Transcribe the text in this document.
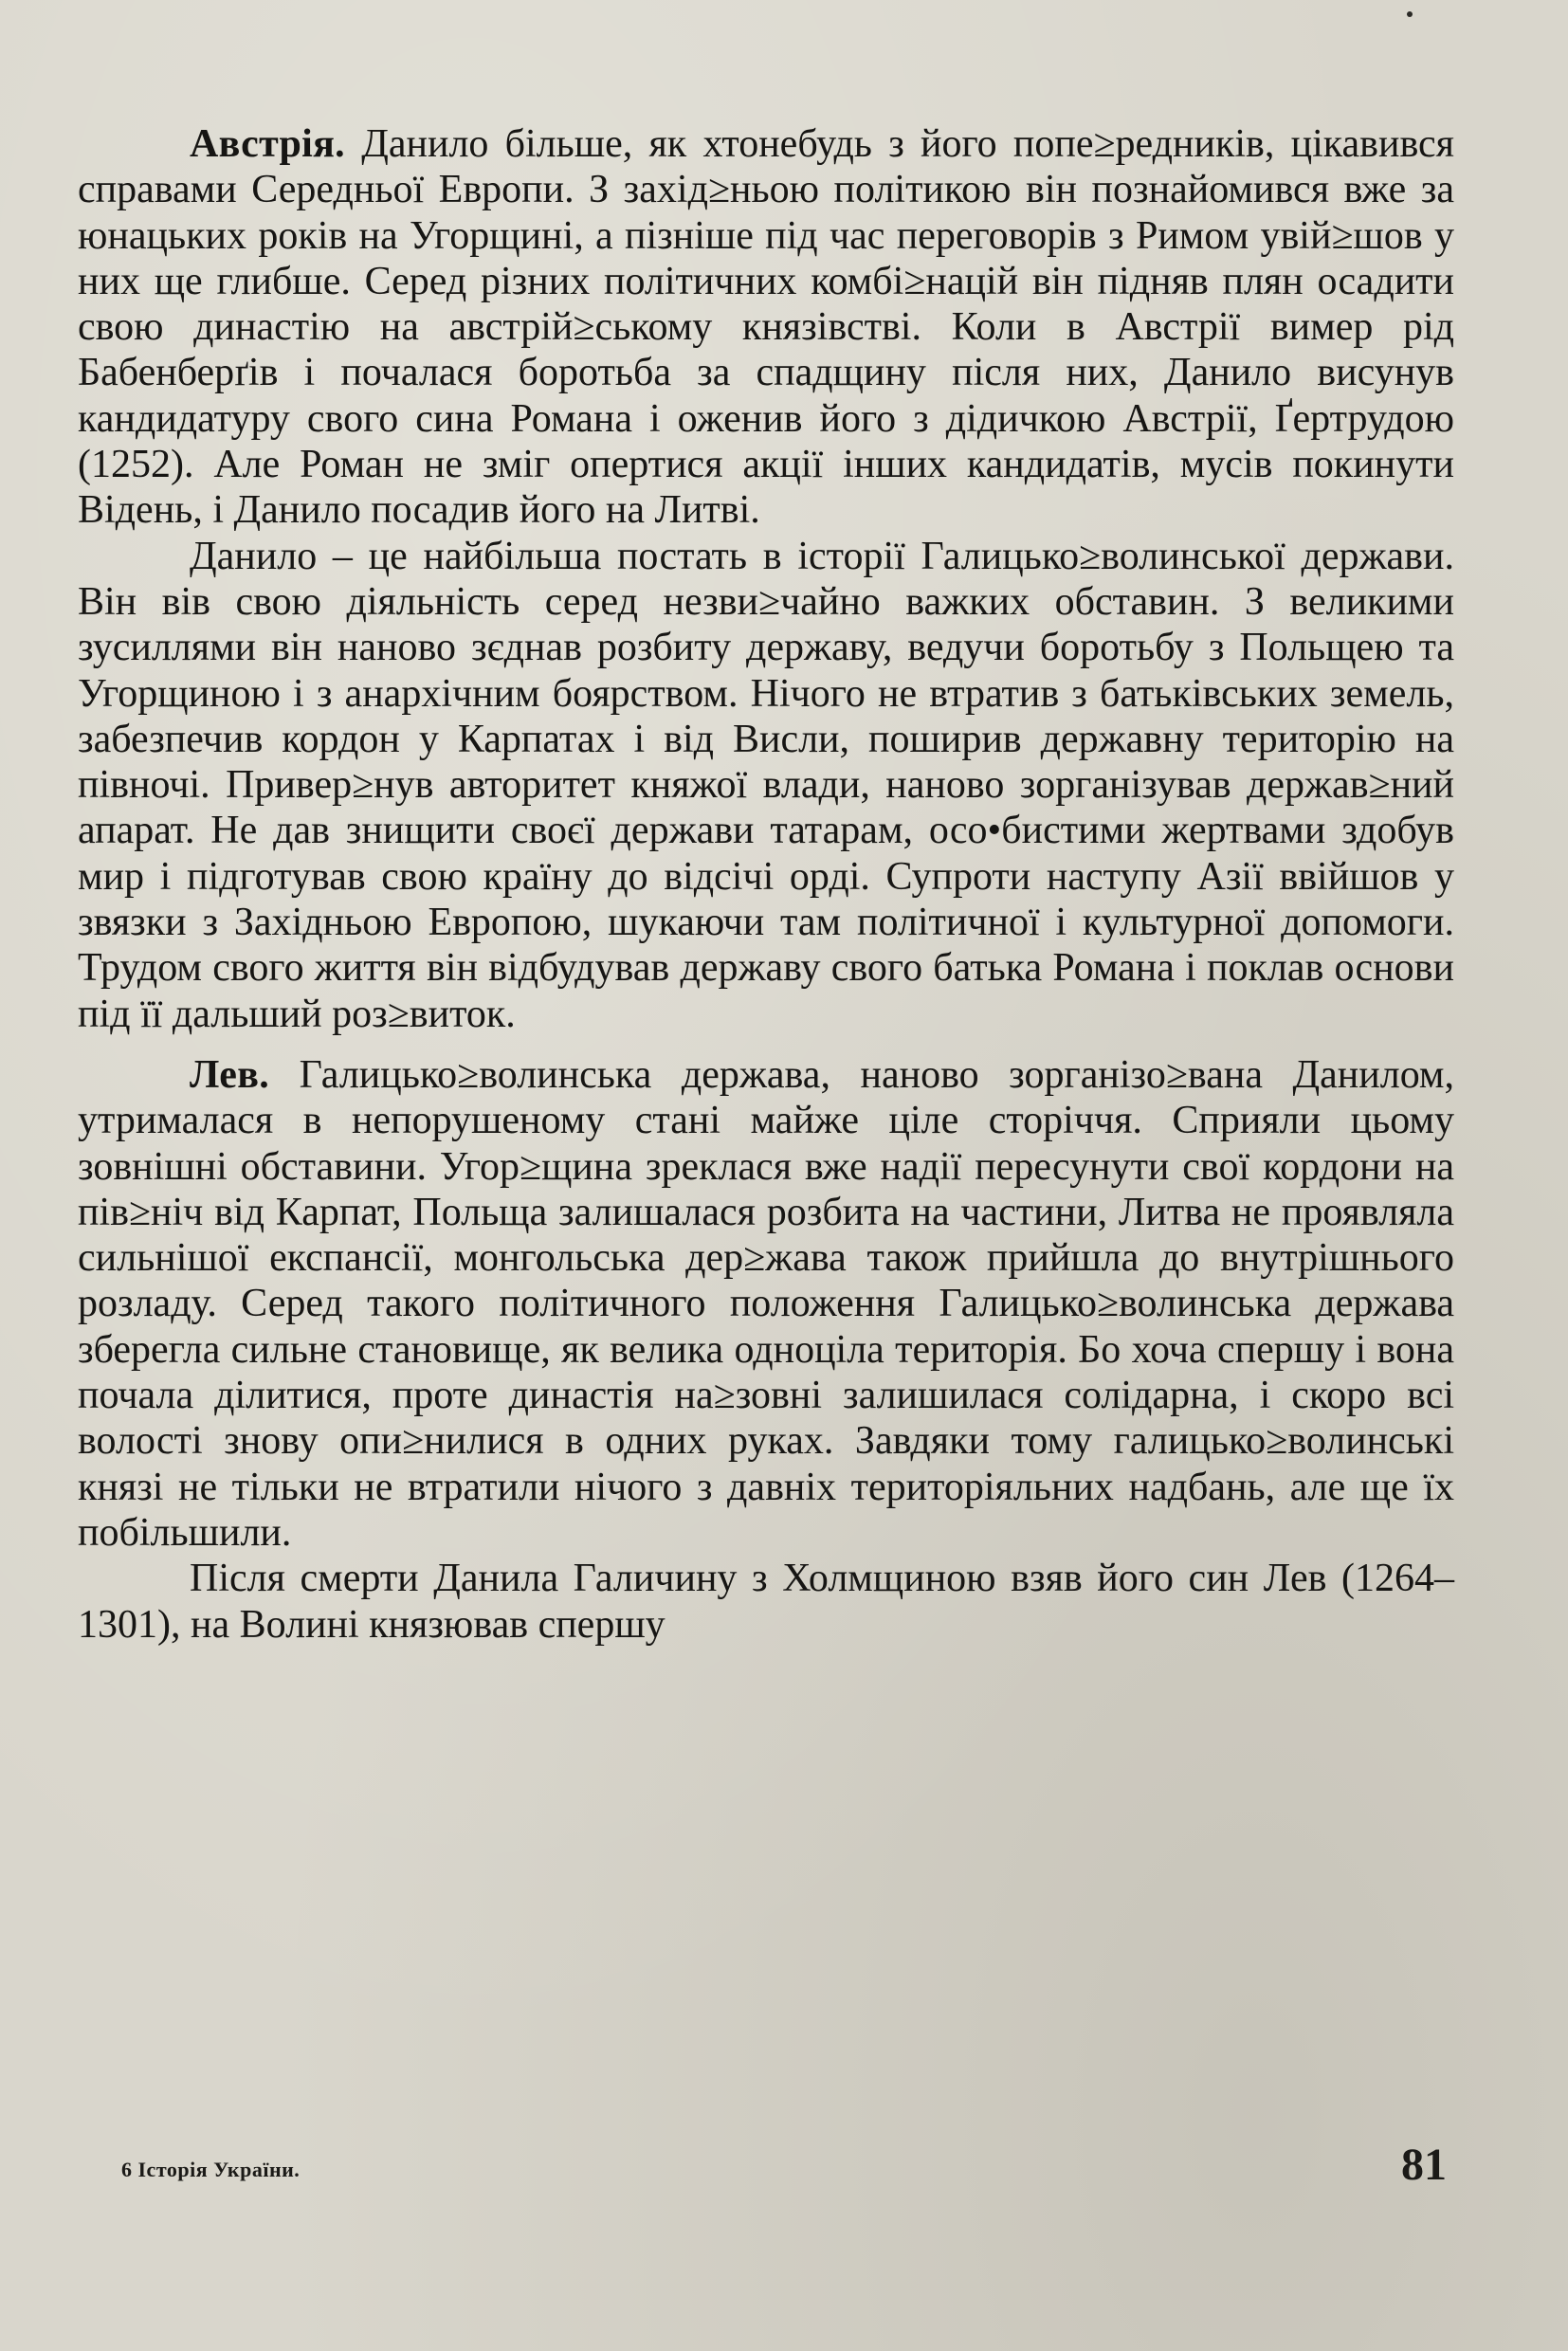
Австрія. Данило більше, як хтонебудь з його попе≥редників, цікавився справами Середньої Европи. З захід≥ньою політикою він познайомився вже за юнацьких років на Угорщині, а пізніше під час переговорів з Римом увій≥шов у них ще глибше. Серед різних політичних комбі≥націй він підняв плян осадити свою династію на австрій≥ському князівстві. Коли в Австрії вимер рід Бабенберґів і почалася боротьба за спадщину після них, Данило висунув кандидатуру свого сина Романа і оженив його з дідичкою Австрії, Ґертрудою (1252). Але Роман не зміг опертися акції інших кандидатів, мусів покинути Відень, і Данило посадив його на Литві.

Данило – це найбільша постать в історії Галицько≥волинської держави. Він вів свою діяльність серед незви≥чайно важких обставин. З великими зусиллями він наново зєднав розбиту державу, ведучи боротьбу з Польщею та Угорщиною і з анархічним боярством. Нічого не втратив з батьківських земель, забезпечив кордон у Карпатах і від Висли, поширив державну територію на півночі. Привер≥нув авторитет княжої влади, наново зорганізував держав≥ний апарат. Не дав знищити своєї держави татарам, осо•бистими жертвами здобув мир і підготував свою країну до відсічі орді. Супроти наступу Азії ввійшов у звязки з Західньою Европою, шукаючи там політичної і культурної допомоги. Трудом свого життя він відбудував державу свого батька Романа і поклав основи під її дальший роз≥виток.

Лев. Галицько≥волинська держава, наново зорганізо≥вана Данилом, утрималася в непорушеному стані майже ціле сторіччя. Сприяли цьому зовнішні обставини. Угор≥щина зреклася вже надії пересунути свої кордони на пів≥ніч від Карпат, Польща залишалася розбита на частини, Литва не проявляла сильнішої експансії, монгольська дер≥жава також прийшла до внутрішнього розладу. Серед такого політичного положення Галицько≥волинська держава зберегла сильне становище, як велика одноціла територія. Бо хоча спершу і вона почала ділитися, проте династія на≥зовні залишилася солідарна, і скоро всі волості знову опи≥нилися в одних руках. Завдяки тому галицько≥волинські князі не тільки не втратили нічого з давніх територіяльних надбань, але ще їх побільшили.

Після смерти Данила Галичину з Холмщиною взяв його син Лев (1264–1301), на Волині князював спершу

6 Історія України.	81
